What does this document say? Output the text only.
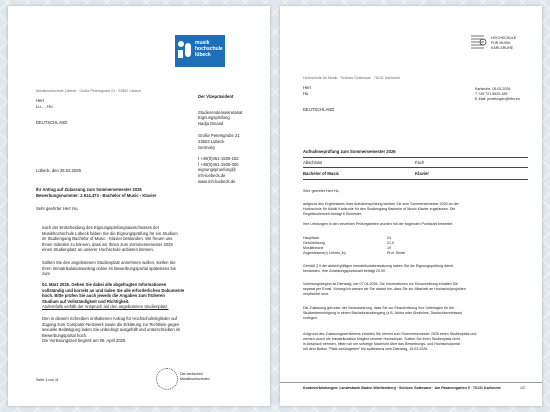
musik
hochschule
lübeck
Musikhochschule Lübeck · Große Petersgrube 21 · 23552 Lübeck
Herr
Lu…, Hu

DEUTSCHLAND
Der Vizepräsident
Studierendensekretariat
Eignungsprüfung
Nadja Dinand
Große Petersgrube 21
23552 Lübeck
Germany
t +49(0)451-1505-182
f +49(0)451-1505-300
eignungspruefung@
mh-luebeck.de
www.mh-luebeck.de
Lübeck, den 25.02.2026
Ihr Antrag auf Zulassung zum Sommersemester 2026
Bewerbungsnummer: 2.914.473 - Bachelor of Music - Klavier
Sehr geehrter Herr Hu,
nach der Entscheidung des Eignungsprüfungsausschusses der
Musikhochschule Lübeck haben Sie die Eignungsprüfung für ein Studium
im Studiengang Bachelor of Music - Klavier bestanden. Wir freuen uns
Ihnen mitteilen zu können, dass wir Ihnen zum Sommersemester 2026
einen Studienplatz an unserer Hochschule anbieten können.
Sollten Sie den angebotenen Studienplatz annehmen wollen, stellen Sie
Ihren Immatrikulationsantrag online im Bewerbungsportal spätestens bis
zum
04. März 2026. Geben Sie dabei alle abgefragten Informationen
vollständig und korrekt an und laden Sie alle erforderlichen Dokumente
hoch. Bitte prüfen Sie auch jeweils die Angaben zum früheren
Studium auf Vollständigkeit und Richtigkeit.
Andernfalls verfällt der Anspruch auf den angebotenen Studienplatz.
Den in diesem Schreiben enthaltenen Antrag für Hochschulmitglieder auf
Zugang zum Computer-Netzwerk sowie die Erklärung zur Richtlinie gegen
sexuelle Belästigung laden Sie unbedingt ausgefüllt und unterschrieben im
Bewerbungsportal hoch.
Die Vorlesungszeit beginnt am 08. April 2026.
Seite 1 von 11
Die deutschen Musikhochschulen
HOCHSCHULE
FÜR MUSIK
KARLSRUHE
Hochschule für Musik · Schloss Gottesaue · 76131 Karlsruhe
Herr
Hu

DEUTSCHLAND
Karlsruhe, 05.03.2026
T +49 721 6629-189
E-Mail: pruefungen@hfm.eu
Aufnahmeprüfung zum Sommersemester 2026
Abschluss	Fach
Bachelor of Music	Klavier
Sehr geehrter Herr Hu,
aufgrund des Ergebnisses Ihrer Aufnahmeprüfung werden Sie zum Sommersemester 2026 an der
Hochschule für Musik Karlsruhe für den Studiengang Bachelor of Music Klavier zugelassen. Die
Regelstudienzeit beträgt 8 Semester.
Ihre Leistungen in den einzelnen Prüfungsteilen wurden mit der folgenden Punktzahl bewertet:
Hauptfach	24
Gehörbildung	21,0
Musiktheorie	19
Zugewiesene(r) Lehrer(-in)	Prof. Stride
Gemäß § 9 der aktuell gültigen Immatrikulationssatzung haben Sie die Eignungsprüfung damit
bestanden, Ihre Zulassungspunktzahl beträgt 24,00.
Vorlesungsbeginn ist Dienstag, der 07.04.2026. Die Informationen zur Einschreibung erhalten Sie
separat per Email. Vorweg/ich weisen wir Sie darauf hin, dass Sie zur Mitarbeit an Hochschulprojekten
verpflichtet sind.
Die Zulassung gilt unter der Voraussetzung, dass Sie zur Einschreibung Ihre Unterlagen für die
Studienberechtigung in einem Bachelorstudiengang (z.B. Abitur oder Ähnliches, Deutschkenntnisse)
vorlegen.
Aufgrund des Zulassungsverfahrens erhalten Sie hiermit zum Sommersemester 2026 einen Studienplatz und
werden durch die Immatrikulation Mitglied unserer Hochschule. Sollten Sie Ihren Studienplatz nicht
in Anspruch nehmen, bitten wir um sofortige Nachricht über das Bewerbungs- und Hochschulportal
mit dem Button "Platz zurückgeben" bis spätestens zum Dienstag, 15.03.2026.
Kontoverbindungen: Landesbank Baden-Württemberg · Schloss Gottesaue · Am Fasanengarten 9 · 76131 Karlsruhe	1/2
